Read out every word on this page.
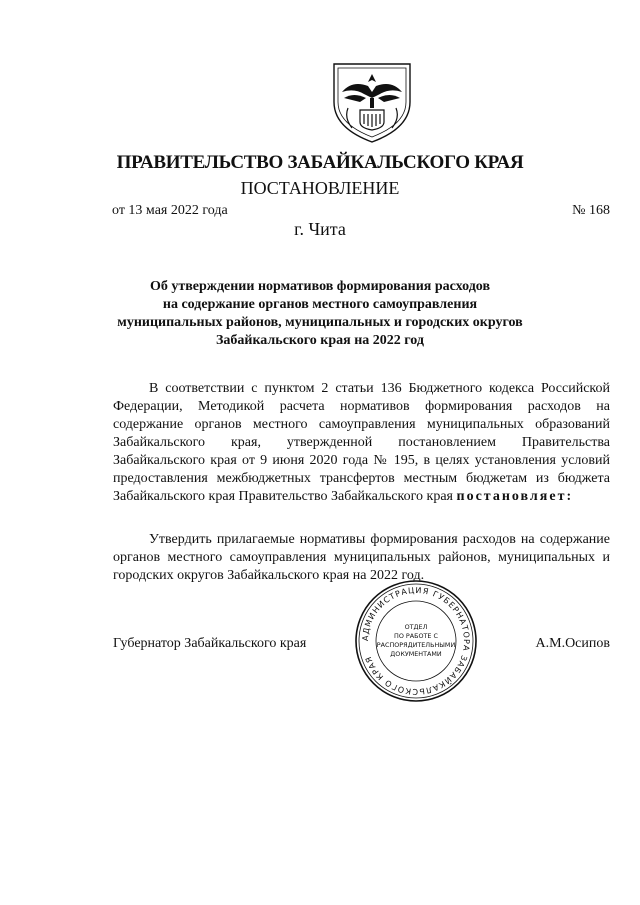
ПРАВИТЕЛЬСТВО ЗАБАЙКАЛЬСКОГО КРАЯ
ПОСТАНОВЛЕНИЕ
от 13 мая 2022 года	№ 168
г. Чита
Об утверждении нормативов формирования расходов
на содержание органов местного самоуправления
муниципальных районов, муниципальных и городских округов
Забайкальского края на 2022 год

В соответствии с пунктом 2 статьи 136 Бюджетного кодекса Российской Федерации, Методикой расчета нормативов формирования расходов на содержание органов местного самоуправления муниципальных образований Забайкальского края, утвержденной постановлением Правительства Забайкальского края от 9 июня 2020 года № 195, в целях установления условий предоставления межбюджетных трансфертов местным бюджетам из бюджета Забайкальского края Правительство Забайкальского края постановляет:

Утвердить прилагаемые нормативы формирования расходов на содержание органов местного самоуправления муниципальных районов, муниципальных и городских округов Забайкальского края на 2022 год.

Губернатор Забайкальского края	А.М.Осипов
АДМИНИСТРАЦИЯ ГУБЕРНАТОРА ЗАБАЙКАЛЬСКОГО КРАЯ
ОТДЕЛ
ПО РАБОТЕ С
РАСПОРЯДИТЕЛЬНЫМИ
ДОКУМЕНТАМИ
